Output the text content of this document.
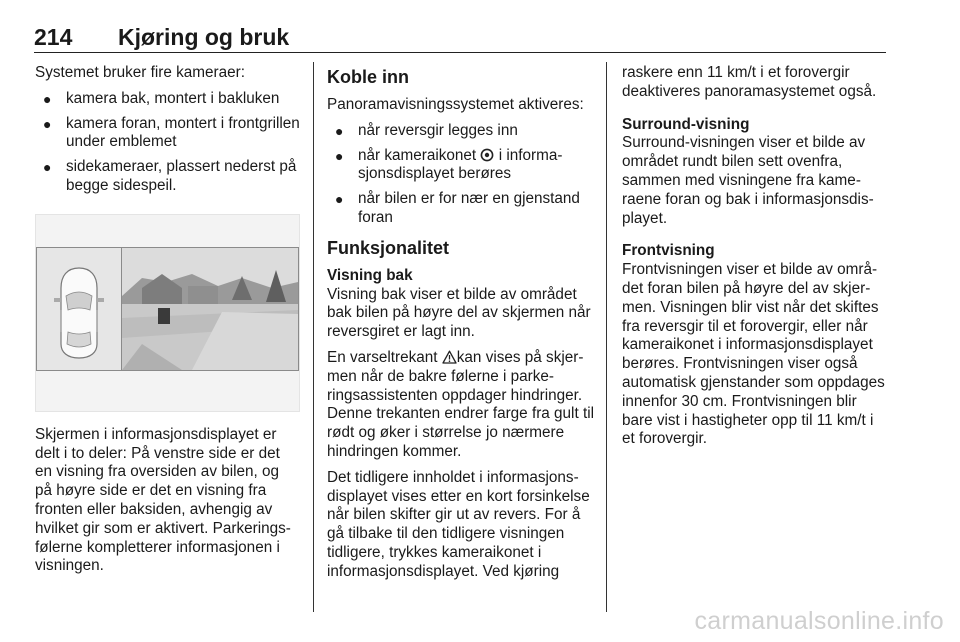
214 Kjøring og bruk

Systemet bruker fire kameraer:

● kamera bak, montert i bakluken
● kamera foran, montert i frontgrillen under emblemet
● sidekameraer, plassert nederst på begge sidespeil.

Skjermen i informasjonsdisplayet er delt i to deler: På venstre side er det en visning fra oversiden av bilen, og på høyre side er det en visning fra fronten eller baksiden, avhengig av hvilket gir som er aktivert. Parkeringsfølerne kompletterer informasjonen i visningen.

Koble inn

Panoramavisningssystemet aktiveres:

● når reversgir legges inn
● når kameraikonet i informasjonsdisplayet berøres
● når bilen er for nær en gjenstand foran
Funksjonalitet

Visning bak

Visning bak viser et bilde av området bak bilen på høyre del av skjermen når reversgiret er lagt inn.

En varseltrekant kan vises på skjermen når de bakre følerne i parkeringsassistenten oppdager hindringer. Denne trekanten endrer farge fra gult til rødt og øker i størrelse jo nærmere hindringen kommer.

Det tidligere innholdet i informasjonsdisplayet vises etter en kort forsinkelse når bilen skifter gir ut av revers. For å gå tilbake til den tidligere visningen tidligere, trykkes kameraikonet i informasjonsdisplayet. Ved kjøring

raskere enn 11 km/t i et forovergir deaktiveres panoramasystemet også.

Surround-visning

Surround-visningen viser et bilde av området rundt bilen sett ovenfra, sammen med visningene fra kameraene foran og bak i informasjonsdisplayet.

Frontvisning

Frontvisningen viser et bilde av området foran bilen på høyre del av skjermen. Visningen blir vist når det skiftes fra reversgir til et forovergir, eller når kameraikonet i informasjonsdisplayet berøres. Frontvisningen viser også automatisk gjenstander som oppdages innenfor 30 cm. Frontvisningen blir bare vist i hastigheter opp til 11 km/t i et forovergir.

carmanualsonline.info
